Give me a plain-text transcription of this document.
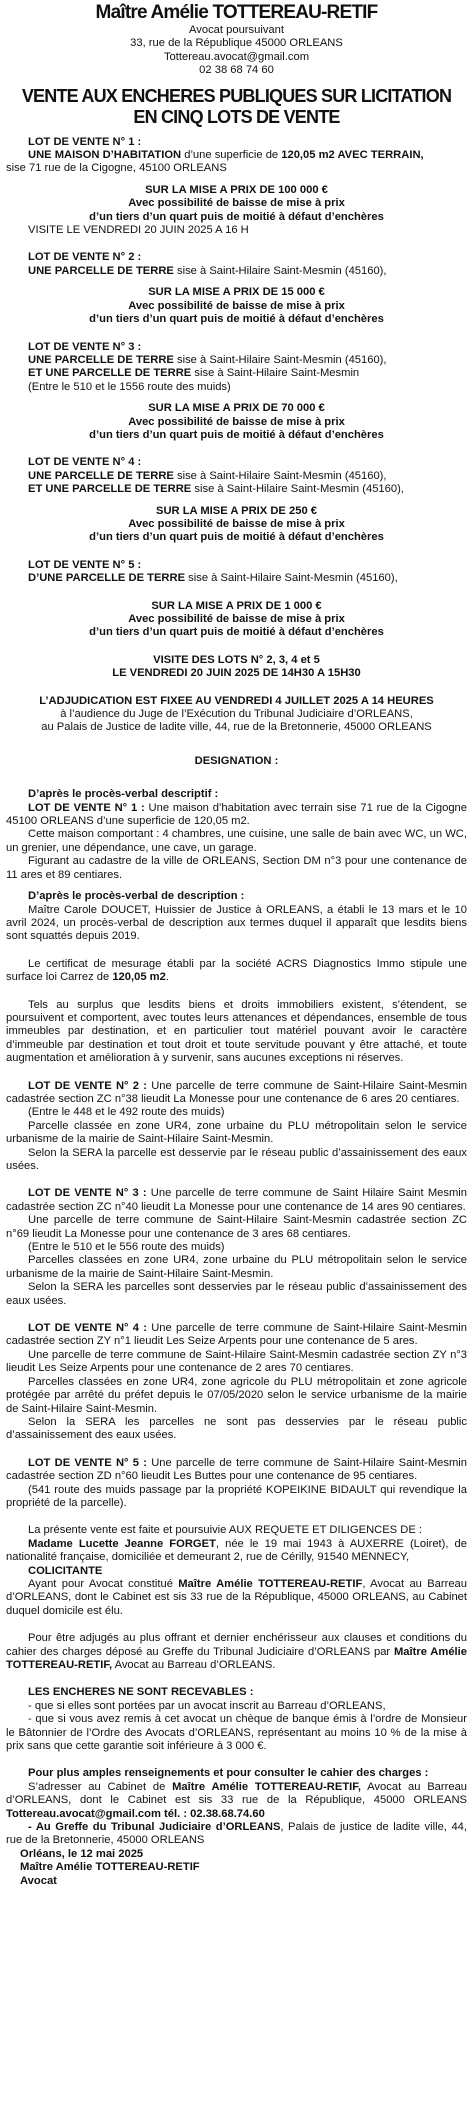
Maître Amélie TOTTEREAU-RETIF
Avocat poursuivant
33, rue de la République 45000 ORLEANS
Tottereau.avocat@gmail.com
02 38 68 74 60
VENTE AUX ENCHERES PUBLIQUES SUR LICITATION
EN CINQ LOTS DE VENTE

LOT DE VENTE N° 1 :

UNE MAISON D’HABITATION d’une superficie de 120,05 m2 AVEC TERRAIN,

sise 71 rue de la Cigogne, 45100 ORLEANS

SUR LA MISE A PRIX DE 100 000 €
Avec possibilité de baisse de mise à prix
d’un tiers d’un quart puis de moitié à défaut d’enchères

VISITE LE VENDREDI 20 JUIN 2025 A 16 H

LOT DE VENTE N° 2 :

UNE PARCELLE DE TERRE sise à Saint-Hilaire Saint-Mesmin (45160),

SUR LA MISE A PRIX DE 15 000 €
Avec possibilité de baisse de mise à prix
d’un tiers d’un quart puis de moitié à défaut d’enchères

LOT DE VENTE N° 3 :

UNE PARCELLE DE TERRE sise à Saint-Hilaire Saint-Mesmin (45160),

ET UNE PARCELLE DE TERRE sise à Saint-Hilaire Saint-Mesmin

(Entre le 510 et le 1556 route des muids)

SUR LA MISE A PRIX DE 70 000 €
Avec possibilité de baisse de mise à prix
d’un tiers d’un quart puis de moitié à défaut d’enchères

LOT DE VENTE N° 4 :

UNE PARCELLE DE TERRE sise à Saint-Hilaire Saint-Mesmin (45160),

ET UNE PARCELLE DE TERRE sise à Saint-Hilaire Saint-Mesmin (45160),

SUR LA MISE A PRIX DE 250 €
Avec possibilité de baisse de mise à prix
d’un tiers d’un quart puis de moitié à défaut d’enchères

LOT DE VENTE N° 5 :

D’UNE PARCELLE DE TERRE sise à Saint-Hilaire Saint-Mesmin (45160),

SUR LA MISE A PRIX DE 1 000 €
Avec possibilité de baisse de mise à prix
d’un tiers d’un quart puis de moitié à défaut d’enchères
VISITE DES LOTS N° 2, 3, 4 et 5
LE VENDREDI 20 JUIN 2025 DE 14H30 A 15H30
L’ADJUDICATION EST FIXEE AU VENDREDI 4 JUILLET 2025 A 14 HEURES
à l’audience du Juge de l’Exécution du Tribunal Judiciaire d’ORLEANS,
au Palais de Justice de ladite ville, 44, rue de la Bretonnerie, 45000 ORLEANS
DESIGNATION :

D’après le procès-verbal descriptif :

LOT DE VENTE N° 1 : Une maison d’habitation avec terrain sise 71 rue de la Cigogne 45100 ORLEANS d’une superficie de 120,05 m2.

Cette maison comportant : 4 chambres, une cuisine, une salle de bain avec WC, un WC, un grenier, une dépendance, une cave, un garage.

Figurant au cadastre de la ville de ORLEANS, Section DM n°3 pour une contenance de 11 ares et 89 centiares.

D’après le procès-verbal de description :

Maître Carole DOUCET, Huissier de Justice à ORLEANS, a établi le 13 mars et le 10 avril 2024, un procès-verbal de description aux termes duquel il apparaît que lesdits biens sont squattés depuis 2019.

Le certificat de mesurage établi par la société ACRS Diagnostics Immo stipule une surface loi Carrez de 120,05 m2.

Tels au surplus que lesdits biens et droits immobiliers existent, s’étendent, se poursuivent et comportent, avec toutes leurs attenances et dépendances, ensemble de tous immeubles par destination, et en particulier tout matériel pouvant avoir le caractère d’immeuble par destination et tout droit et toute servitude pouvant y être attaché, et toute augmentation et amélioration à y survenir, sans aucunes exceptions ni réserves.

LOT DE VENTE N° 2 : Une parcelle de terre commune de Saint-Hilaire Saint-Mesmin cadastrée section ZC n°38 lieudit La Monesse pour une contenance de 6 ares 20 centiares.

(Entre le 448 et le 492 route des muids)

Parcelle classée en zone UR4, zone urbaine du PLU métropolitain selon le service urbanisme de la mairie de Saint-Hilaire Saint-Mesmin.

Selon la SERA la parcelle est desservie par le réseau public d’assainissement des eaux usées.

LOT DE VENTE N° 3 : Une parcelle de terre commune de Saint Hilaire Saint Mesmin cadastrée section ZC n°40 lieudit La Monesse pour une contenance de 14 ares 90 centiares.

Une parcelle de terre commune de Saint-Hilaire Saint-Mesmin cadastrée section ZC n°69 lieudit La Monesse pour une contenance de 3 ares 68 centiares.

(Entre le 510 et le 556 route des muids)

Parcelles classées en zone UR4, zone urbaine du PLU métropolitain selon le service urbanisme de la mairie de Saint-Hilaire Saint-Mesmin.

Selon la SERA les parcelles sont desservies par le réseau public d’assainissement des eaux usées.

LOT DE VENTE N° 4 : Une parcelle de terre commune de Saint-Hilaire Saint-Mesmin cadastrée section ZY n°1 lieudit Les Seize Arpents pour une contenance de 5 ares.

Une parcelle de terre commune de Saint-Hilaire Saint-Mesmin cadastrée section ZY n°3 lieudit Les Seize Arpents pour une contenance de 2 ares 70 centiares.

Parcelles classées en zone UR4, zone agricole du PLU métropolitain et zone agricole protégée par arrêté du préfet depuis le 07/05/2020 selon le service urbanisme de la mairie de Saint-Hilaire Saint-Mesmin.

Selon la SERA les parcelles ne sont pas desservies par le réseau public d’assainissement des eaux usées.

LOT DE VENTE N° 5 : Une parcelle de terre commune de Saint-Hilaire Saint-Mesmin cadastrée section ZD n°60 lieudit Les Buttes pour une contenance de 95 centiares.

(541 route des muids passage par la propriété KOPEIKINE BIDAULT qui revendique la propriété de la parcelle).

La présente vente est faite et poursuivie AUX REQUETE ET DILIGENCES DE :

Madame Lucette Jeanne FORGET, née le 19 mai 1943 à AUXERRE (Loiret), de nationalité française, domiciliée et demeurant 2, rue de Cérilly, 91540 MENNECY,

COLICITANTE

Ayant pour Avocat constitué Maître Amélie TOTTEREAU-RETIF, Avocat au Barreau d’ORLEANS, dont le Cabinet est sis 33 rue de la République, 45000 ORLEANS, au Cabinet duquel domicile est élu.

Pour être adjugés au plus offrant et dernier enchérisseur aux clauses et conditions du cahier des charges déposé au Greffe du Tribunal Judiciaire d’ORLEANS par Maître Amélie TOTTEREAU-RETIF, Avocat au Barreau d’ORLEANS.

LES ENCHERES NE SONT RECEVABLES :

- que si elles sont portées par un avocat inscrit au Barreau d’ORLEANS,

- que si vous avez remis à cet avocat un chèque de banque émis à l’ordre de Monsieur le Bâtonnier de l’Ordre des Avocats d’ORLEANS, représentant au moins 10 % de la mise à prix sans que cette garantie soit inférieure à 3 000 €.

Pour plus amples renseignements et pour consulter le cahier des charges :

S’adresser au Cabinet de Maître Amélie TOTTEREAU-RETIF, Avocat au Barreau d’ORLEANS, dont le Cabinet est sis 33 rue de la République, 45000 ORLEANS Tottereau.avocat@gmail.com tél. : 02.38.68.74.60

- Au Greffe du Tribunal Judiciaire d’ORLEANS, Palais de justice de ladite ville, 44, rue de la Bretonnerie, 45000 ORLEANS

Orléans, le 12 mai 2025
Maître Amélie TOTTEREAU-RETIF
Avocat
